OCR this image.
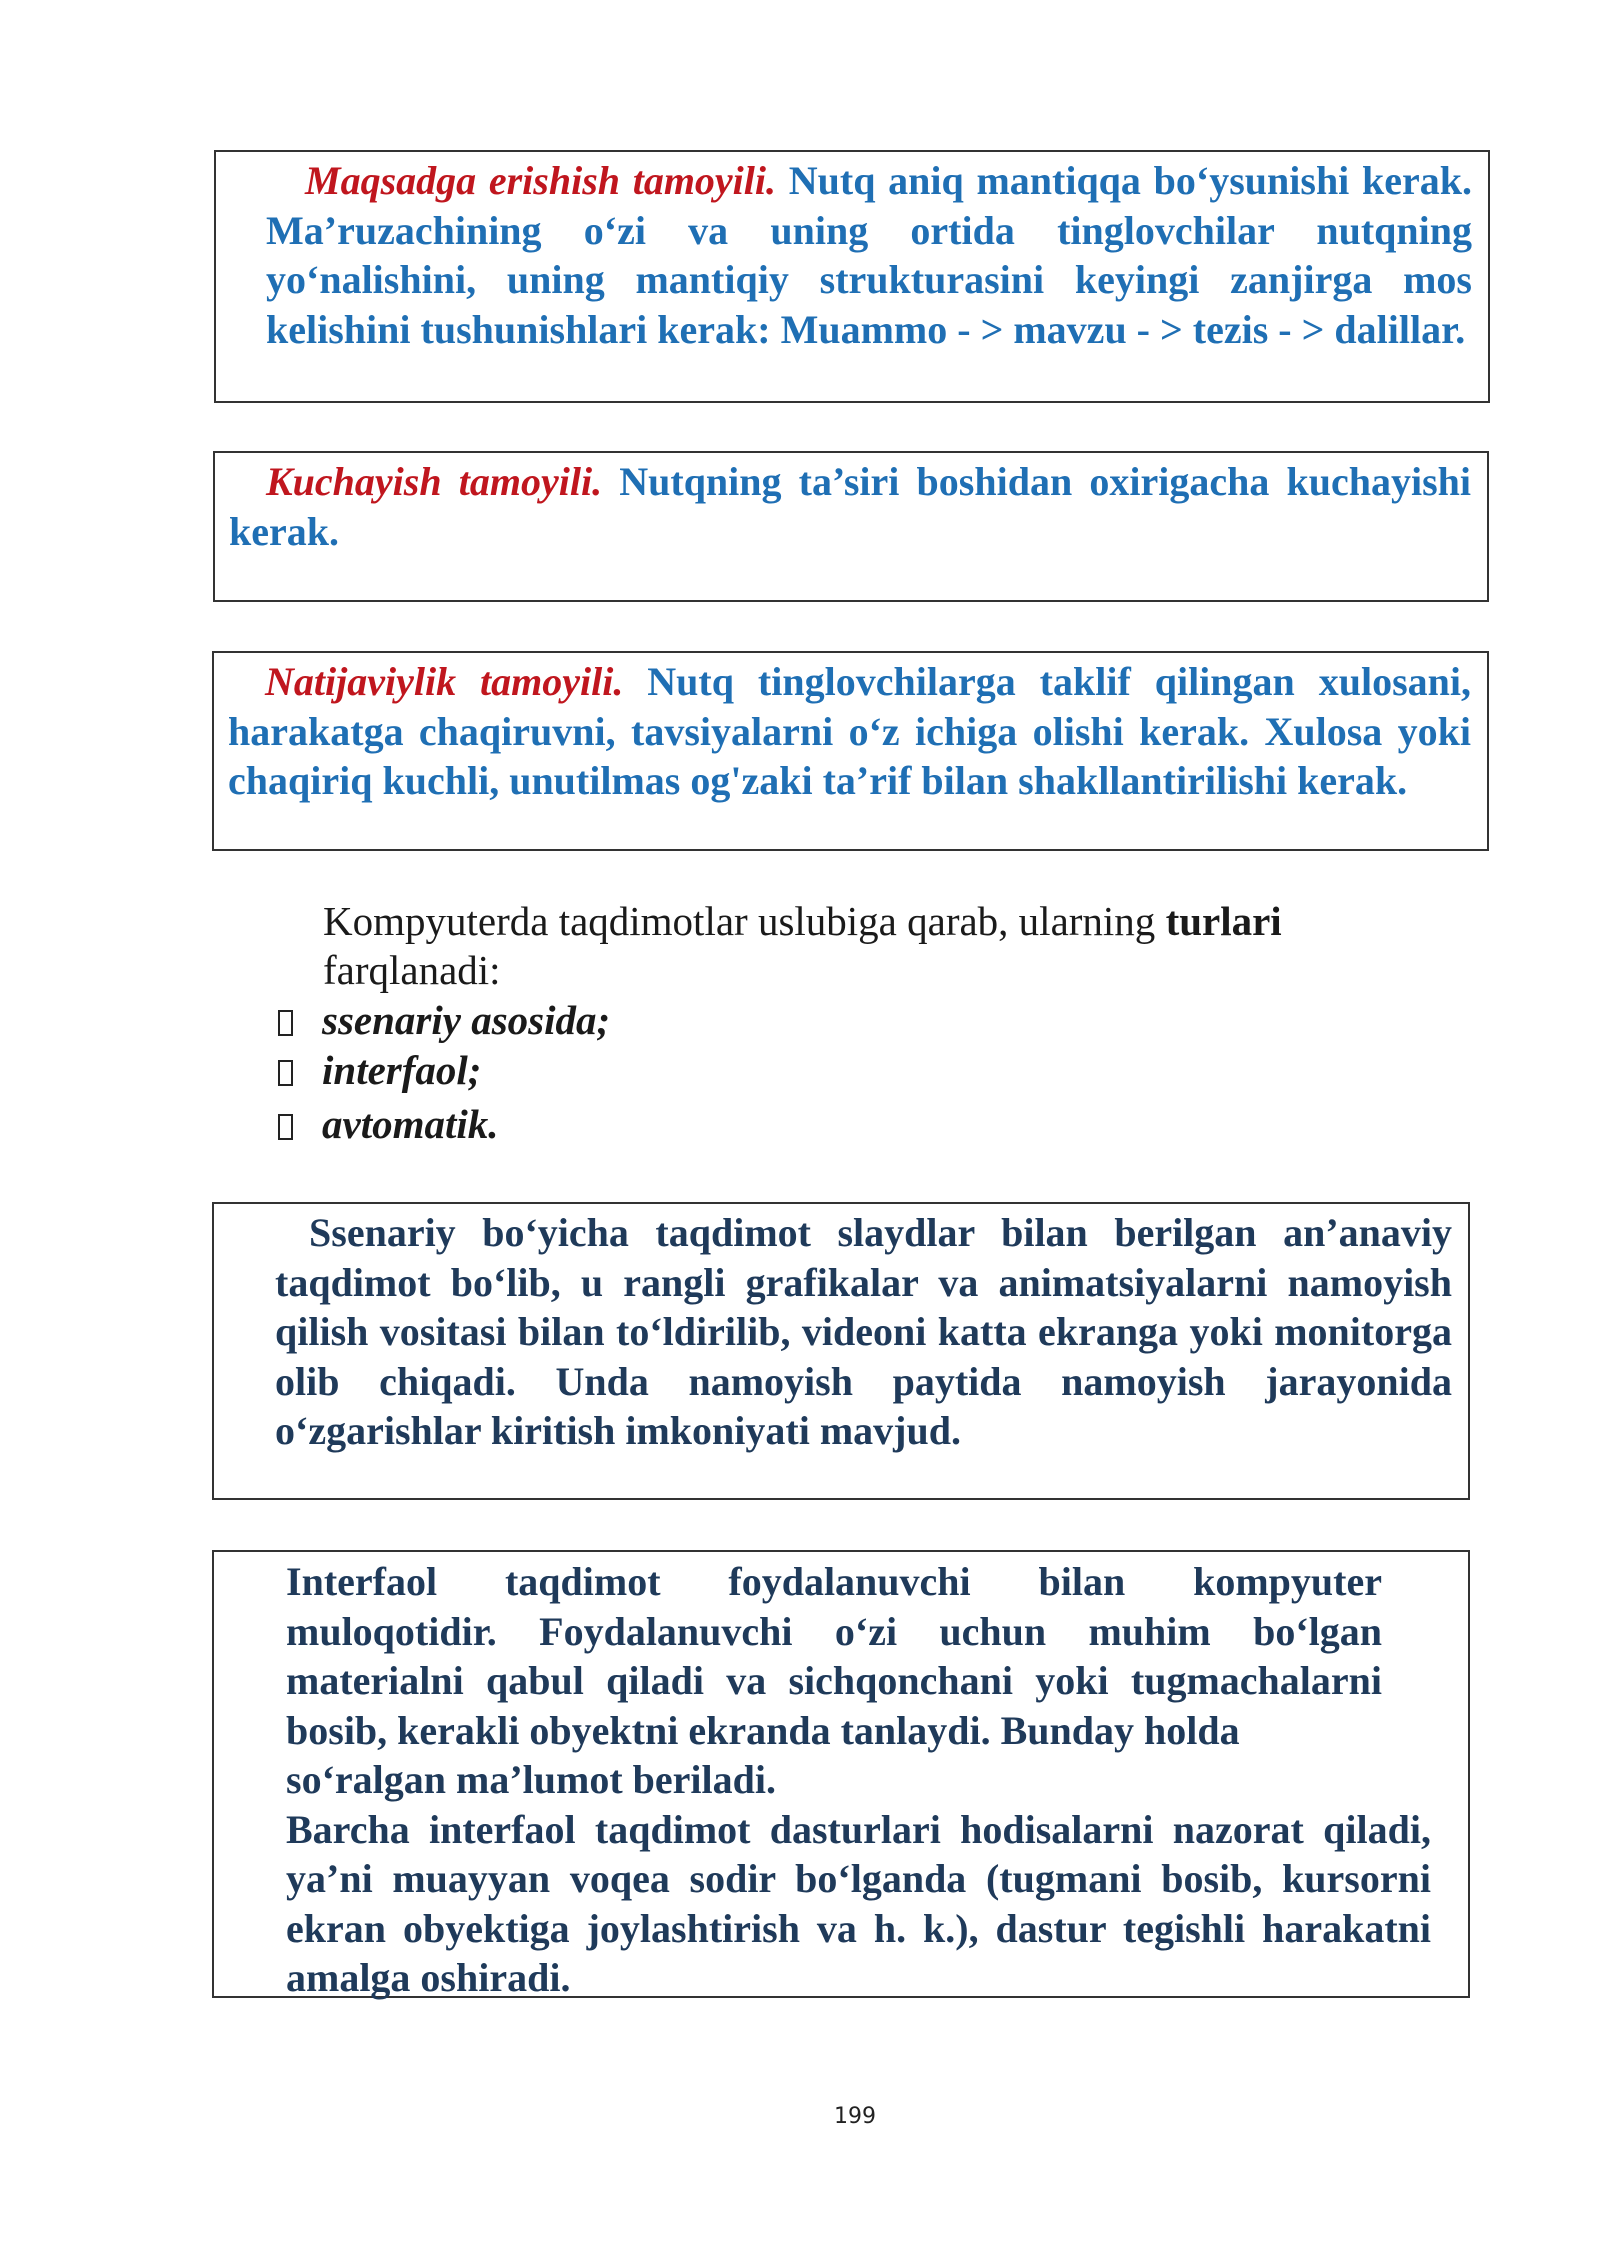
Maqsadga erishish tamoyili. Nutq aniq mantiqqa bo‘ysunishi kerak. Ma’ruzachining o‘zi va uning ortida tinglovchilar nutqning yo‘nalishini, uning mantiqiy strukturasini keyingi zanjirga mos kelishini tushunishlari kerak: Muammo - > mavzu - > tezis - > dalillar.

Kuchayish tamoyili. Nutqning ta’siri boshidan oxirigacha kuchayishi kerak.

Natijaviylik tamoyili. Nutq tinglovchilarga taklif qilingan xulosani, harakatga chaqiruvni, tavsiyalarni o‘z ichiga olishi kerak. Xulosa yoki chaqiriq kuchli, unutilmas og'zaki ta’rif bilan shakllantirilishi kerak.

Kompyuterda taqdimotlar uslubiga qarab, ularning turlari
farqlanadi:
ssenariy asosida;
interfaol;
avtomatik.

Ssenariy bo‘yicha taqdimot slaydlar bilan berilgan an’anaviy taqdimot bo‘lib, u rangli grafikalar va animatsiyalarni namoyish qilish vositasi bilan to‘ldirilib, videoni katta ekranga yoki monitorga olib chiqadi. Unda namoyish paytida namoyish jarayonida o‘zgarishlar kiritish imkoniyati mavjud.

Interfaol taqdimot foydalanuvchi bilan kompyuter
muloqotidir. Foydalanuvchi o‘zi uchun muhim bo‘lgan
materialni qabul qiladi va sichqonchani yoki tugmachalarni
bosib, kerakli obyektni ekranda tanlaydi. Bunday holda
so‘ralgan ma’lumot beriladi.

Barcha interfaol taqdimot dasturlari hodisalarni nazorat qiladi, ya’ni muayyan voqea sodir bo‘lganda (tugmani bosib, kursorni ekran obyektiga joylashtirish va h. k.), dastur tegishli harakatni amalga oshiradi.

199
